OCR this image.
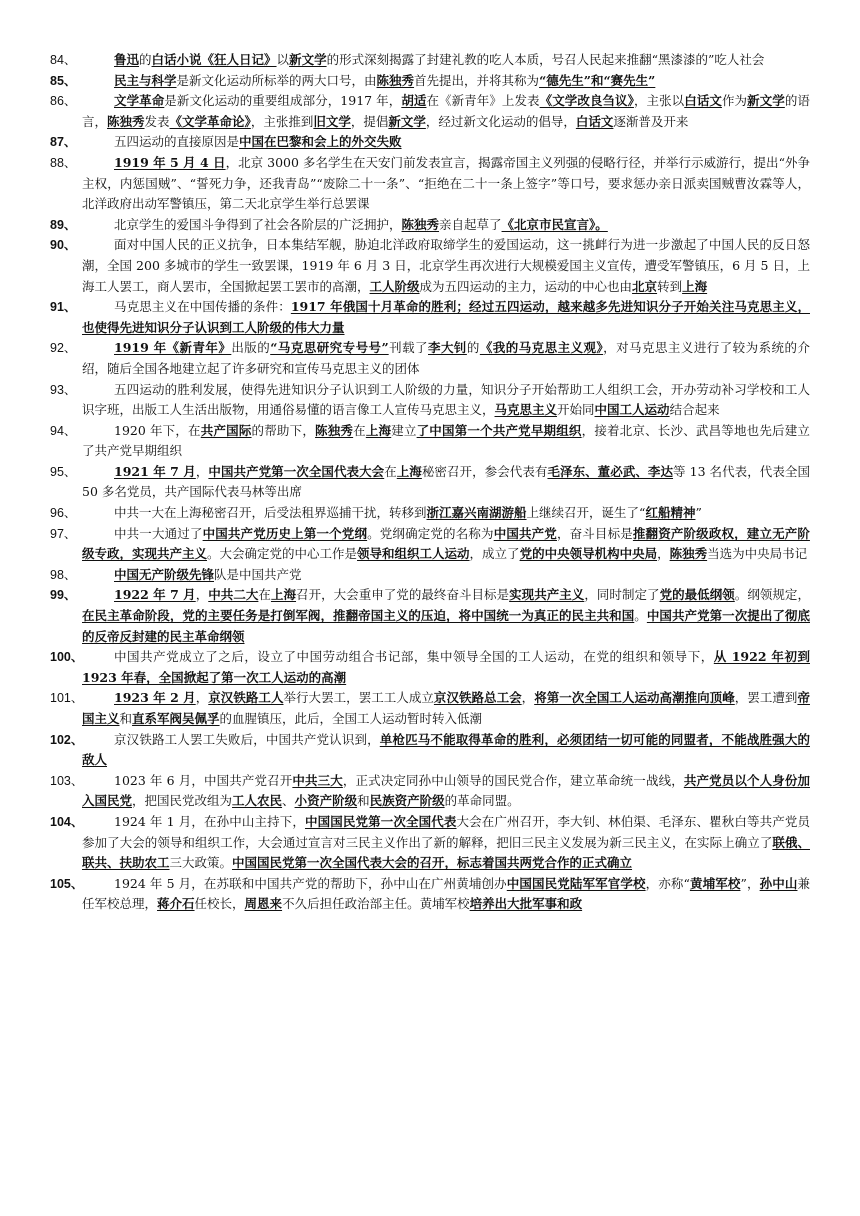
84、	鲁迅的白话小说《狂人日记》以新文学的形式深刻揭露了封建礼教的吃人本质，号召人民起来推翻“黑漆漆的”吃人社会
85、	民主与科学是新文化运动所标举的两大口号，由陈独秀首先提出，并将其称为“德先生”和“赛先生”
86、	文学革命是新文化运动的重要组成部分，1917 年，胡适在《新青年》上发表《文学改良刍议》，主张以白话文作为新文学的语言，陈独秀发表《文学革命论》，主张推到旧文学，提倡新文学，经过新文化运动的倡导，白话文逐渐普及开来
87、	五四运动的直接原因是中国在巴黎和会上的外交失败
88、	1919 年 5 月 4 日，北京 3000 多名学生在天安门前发表宣言，揭露帝国主义列强的侵略行径，并举行示威游行，提出“外争主权，内惩国贼”、“誓死力争，还我青岛”“废除二十一条”、“拒绝在二十一条上签字”等口号，要求惩办亲日派卖国贼曹汝霖等人，北洋政府出动军警镇压，第二天北京学生举行总罢课
89、	北京学生的爱国斗争得到了社会各阶层的广泛拥护，陈独秀亲自起草了《北京市民宣言》。
90、	面对中国人民的正义抗争，日本集结军舰，胁迫北洋政府取缔学生的爱国运动，这一挑衅行为进一步激起了中国人民的反日怒潮，全国 200 多城市的学生一致罢课，1919 年 6 月 3 日，北京学生再次进行大规模爱国主义宣传，遭受军警镇压，6 月 5 日，上海工人罢工，商人罢市，全国掀起罢工罢市的高潮，工人阶级成为五四运动的主力，运动的中心也由北京转到上海
91、	马克思主义在中国传播的条件：1917 年俄国十月革命的胜利；经过五四运动，越来越多先进知识分子开始关注马克思主义，也使得先进知识分子认识到工人阶级的伟大力量
92、	1919 年《新青年》出版的“马克思研究专号号”刊载了李大钊的《我的马克思主义观》，对马克思主义进行了较为系统的介绍，随后全国各地建立起了许多研究和宣传马克思主义的团体
93、	五四运动的胜利发展，使得先进知识分子认识到工人阶级的力量，知识分子开始帮助工人组织工会，开办劳动补习学校和工人识字班，出版工人生活出版物，用通俗易懂的语言像工人宣传马克思主义，马克思主义开始同中国工人运动结合起来
94、	1920 年下，在共产国际的帮助下，陈独秀在上海建立了中国第一个共产党早期组织，接着北京、长沙、武昌等地也先后建立了共产党早期组织
95、	1921 年 7 月，中国共产党第一次全国代表大会在上海秘密召开，参会代表有毛泽东、董必武、李达等 13 名代表，代表全国 50 多名党员，共产国际代表马林等出席
96、	中共一大在上海秘密召开，后受法租界巡捕干扰，转移到浙江嘉兴南湖游船上继续召开，诞生了“红船精神”
97、	中共一大通过了中国共产党历史上第一个党纲。党纲确定党的名称为中国共产党，奋斗目标是推翻资产阶级政权，建立无产阶级专政，实现共产主义。大会确定党的中心工作是领导和组织工人运动，成立了党的中央领导机构中央局，陈独秀当选为中央局书记
98、	中国无产阶级先锋队是中国共产党
99、	1922 年 7 月，中共二大在上海召开，大会重申了党的最终奋斗目标是实现共产主义，同时制定了党的最低纲领。纲领规定，在民主革命阶段，党的主要任务是打倒军阀，推翻帝国主义的压迫，将中国统一为真正的民主共和国。中国共产党第一次提出了彻底的反帝反封建的民主革命纲领
100、	中国共产党成立了之后，设立了中国劳动组合书记部，集中领导全国的工人运动，在党的组织和领导下，从 1922 年初到 1923 年春，全国掀起了第一次工人运动的高潮
101、	1923 年 2 月，京汉铁路工人举行大罢工，罢工工人成立京汉铁路总工会，将第一次全国工人运动高潮推向顶峰，罢工遭到帝国主义和直系军阀吴佩孚的血腥镇压，此后，全国工人运动暂时转入低潮
102、	京汉铁路工人罢工失败后，中国共产党认识到，单枪匹马不能取得革命的胜利，必须团结一切可能的同盟者，不能战胜强大的敌人
103、	1023 年 6 月，中国共产党召开中共三大，正式决定同孙中山领导的国民党合作，建立革命统一战线，共产党员以个人身份加入国民党，把国民党改组为工人农民、小资产阶级和民族资产阶级的革命同盟。
104、	1924 年 1 月，在孙中山主持下，中国国民党第一次全国代表大会在广州召开，李大钊、林伯渠、毛泽东、瞿秋白等共产党员参加了大会的领导和组织工作，大会通过宣言对三民主义作出了新的解释，把旧三民主义发展为新三民主义，在实际上确立了联俄、联共、扶助农工三大政策。中国国民党第一次全国代表大会的召开，标志着国共两党合作的正式确立
105、	1924 年 5 月，在苏联和中国共产党的帮助下，孙中山在广州黄埔创办中国国民党陆军军官学校，亦称“黄埔军校”，孙中山兼任军校总理，蒋介石任校长，周恩来不久后担任政治部主任。黄埔军校培养出大批军事和政
